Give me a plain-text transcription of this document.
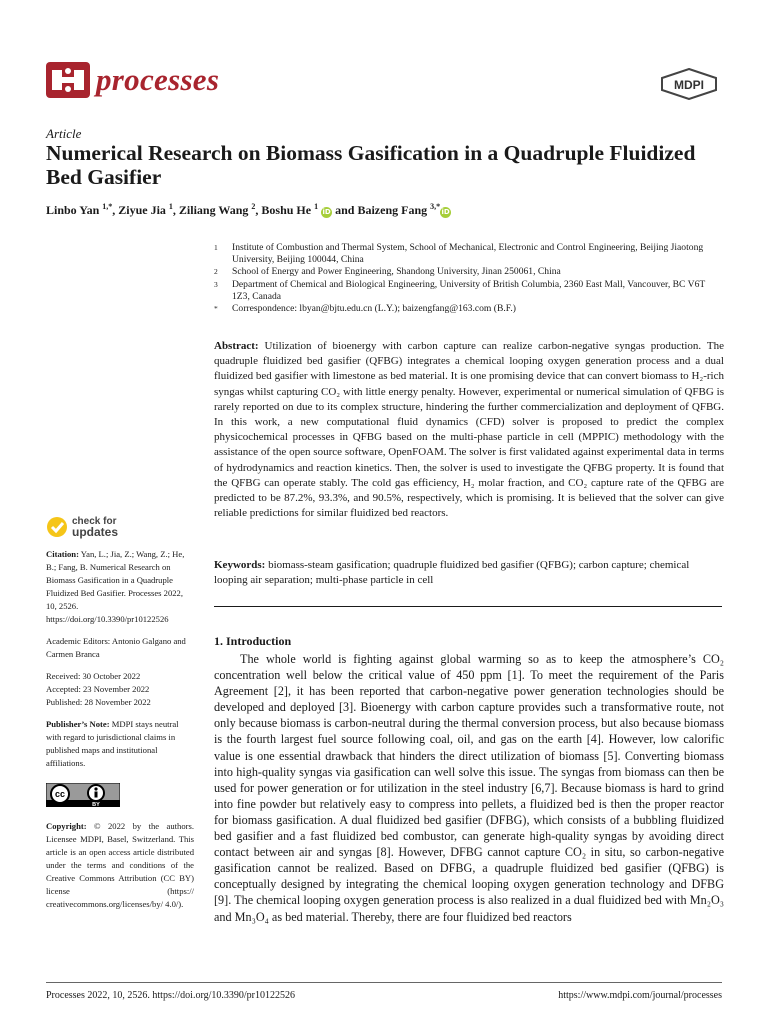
processes	MDPI
Article
Numerical Research on Biomass Gasification in a Quadruple Fluidized Bed Gasifier
Linbo Yan $^{1,*}$, Ziyue Jia $^1$, Ziliang Wang $^2$, Boshu He $^1$ iD and Baizeng Fang $^{3,*}$iD
1	Institute of Combustion and Thermal System, School of Mechanical, Electronic and Control Engineering, Beijing Jiaotong University, Beijing 100044, China
2	School of Energy and Power Engineering, Shandong University, Jinan 250061, China
3	Department of Chemical and Biological Engineering, University of British Columbia, 2360 East Mall, Vancouver, BC V6T 1Z3, Canada
*	Correspondence: lbyan@bjtu.edu.cn (L.Y.); baizengfang@163.com (B.F.)
Abstract: Utilization of bioenergy with carbon capture can realize carbon-negative syngas production. The quadruple fluidized bed gasifier (QFBG) integrates a chemical looping oxygen generation process and a dual fluidized bed gasifier with limestone as bed material. It is one promising device that can convert biomass to H₂-rich syngas whilst capturing CO₂ with little energy penalty. However, experimental or numerical simulation of QFBG is rarely reported on due to its complex structure, hindering the further commercialization and deployment of QFBG. In this work, a new computational fluid dynamics (CFD) solver is proposed to predict the complex physicochemical processes in QFBG based on the multi-phase particle in cell (MPPIC) methodology with the assistance of the open source software, OpenFOAM. The solver is first validated against experimental data in terms of hydrodynamics and reaction kinetics. Then, the solver is used to investigate the QFBG property. It is found that the QFBG can operate stably. The cold gas efficiency, H₂ molar fraction, and CO₂ capture rate of the QFBG are predicted to be 87.2%, 93.3%, and 90.5%, respectively, which is promising. It is believed that the solver can give reliable predictions for similar fluidized bed reactors.
Keywords: biomass-steam gasification; quadruple fluidized bed gasifier (QFBG); carbon capture; chemical looping air separation; multi-phase particle in cell
1. Introduction
The whole world is fighting against global warming so as to keep the atmosphere’s CO₂ concentration well below the critical value of 450 ppm [1]. To meet the requirement of the Paris Agreement [2], it has been reported that carbon-negative power generation technologies should be developed and deployed [3]. Bioenergy with carbon capture provides such a transformative route, not only because biomass is carbon-neutral during the thermal conversion process, but also because biomass is the fourth largest fuel source following coal, oil, and gas on the earth [4]. However, low calorific value is one essential drawback that hinders the direct utilization of biomass [5]. Converting biomass into high-quality syngas via gasification can well solve this issue. The syngas from biomass can then be used for power generation or for utilization in the steel industry [6,7]. Because biomass is hard to grind into fine powder but relatively easy to compress into pellets, a fluidized bed is then the proper reactor for biomass gasification. A dual fluidized bed gasifier (DFBG), which consists of a bubbling fluidized bed gasifier and a fast fluidized bed combustor, can generate high-quality syngas by avoiding direct contact between air and syngas [8]. However, DFBG cannot capture CO₂ in situ, so carbon-negative gasification cannot be realized. Based on DFBG, a quadruple fluidized bed gasifier (QFBG) is conceptually designed by integrating the chemical looping oxygen generation technology and DFBG [9]. The chemical looping oxygen generation process is also realized in a dual fluidized bed with Mn₂O₃ and Mn₃O₄ as bed material. Thereby, there are four fluidized bed reactors
check for
updates

Citation: Yan, L.; Jia, Z.; Wang, Z.; He, B.; Fang, B. Numerical Research on Biomass Gasification in a Quadruple Fluidized Bed Gasifier. Processes 2022, 10, 2526. https://doi.org/10.3390/pr10122526

Academic Editors: Antonio Galgano and Carmen Branca

Received: 30 October 2022
Accepted: 23 November 2022
Published: 28 November 2022

Publisher’s Note: MDPI stays neutral with regard to jurisdictional claims in published maps and institutional affiliations.

cc
BY

Copyright: © 2022 by the authors. Licensee MDPI, Basel, Switzerland. This article is an open access article distributed under the terms and conditions of the Creative Commons Attribution (CC BY) license (https:// creativecommons.org/licenses/by/ 4.0/).

Processes 2022, 10, 2526. https://doi.org/10.3390/pr10122526	https://www.mdpi.com/journal/processes
